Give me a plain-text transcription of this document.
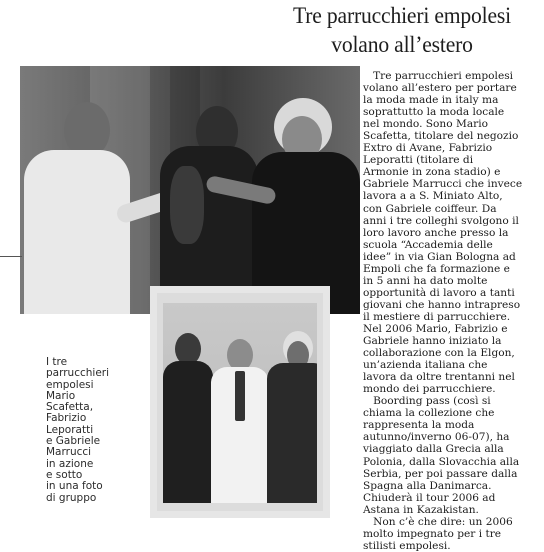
Tre parrucchieri empolesi
volano all’estero
I tre
parrucchieri
empolesi
Mario
Scafetta,
Fabrizio
Leporatti
e Gabriele
Marrucci
in azione
e sotto
in una foto
di gruppo
Tre parrucchieri empolesi
volano all’estero per portare
la moda made in italy ma
soprattutto la moda locale
nel mondo. Sono Mario
Scafetta, titolare del negozio
Extro di Avane, Fabrizio
Leporatti (titolare di
Armonie in zona stadio) e
Gabriele Marrucci che invece
lavora a a S. Miniato Alto,
con Gabriele coiffeur. Da
anni i tre colleghi svolgono il
loro lavoro anche presso la
scuola “Accademia delle
idee” in via Gian Bologna ad
Empoli che fa formazione e
in 5 anni ha dato molte
opportunità di lavoro a tanti
giovani che hanno intrapreso
il mestiere di parrucchiere.
Nel 2006 Mario, Fabrizio e
Gabriele hanno iniziato la
collaborazione con la Elgon,
un’azienda italiana che
lavora da oltre trentanni nel
mondo dei parrucchiere.
Boording pass (così si
chiama la collezione che
rappresenta la moda
autunno/inverno 06-07), ha
viaggiato dalla Grecia alla
Polonia, dalla Slovacchia alla
Serbia, per poi passare dalla
Spagna alla Danimarca.
Chiuderà il tour 2006 ad
Astana in Kazakistan.
Non c’è che dire: un 2006
molto impegnato per i tre
stilisti empolesi.
